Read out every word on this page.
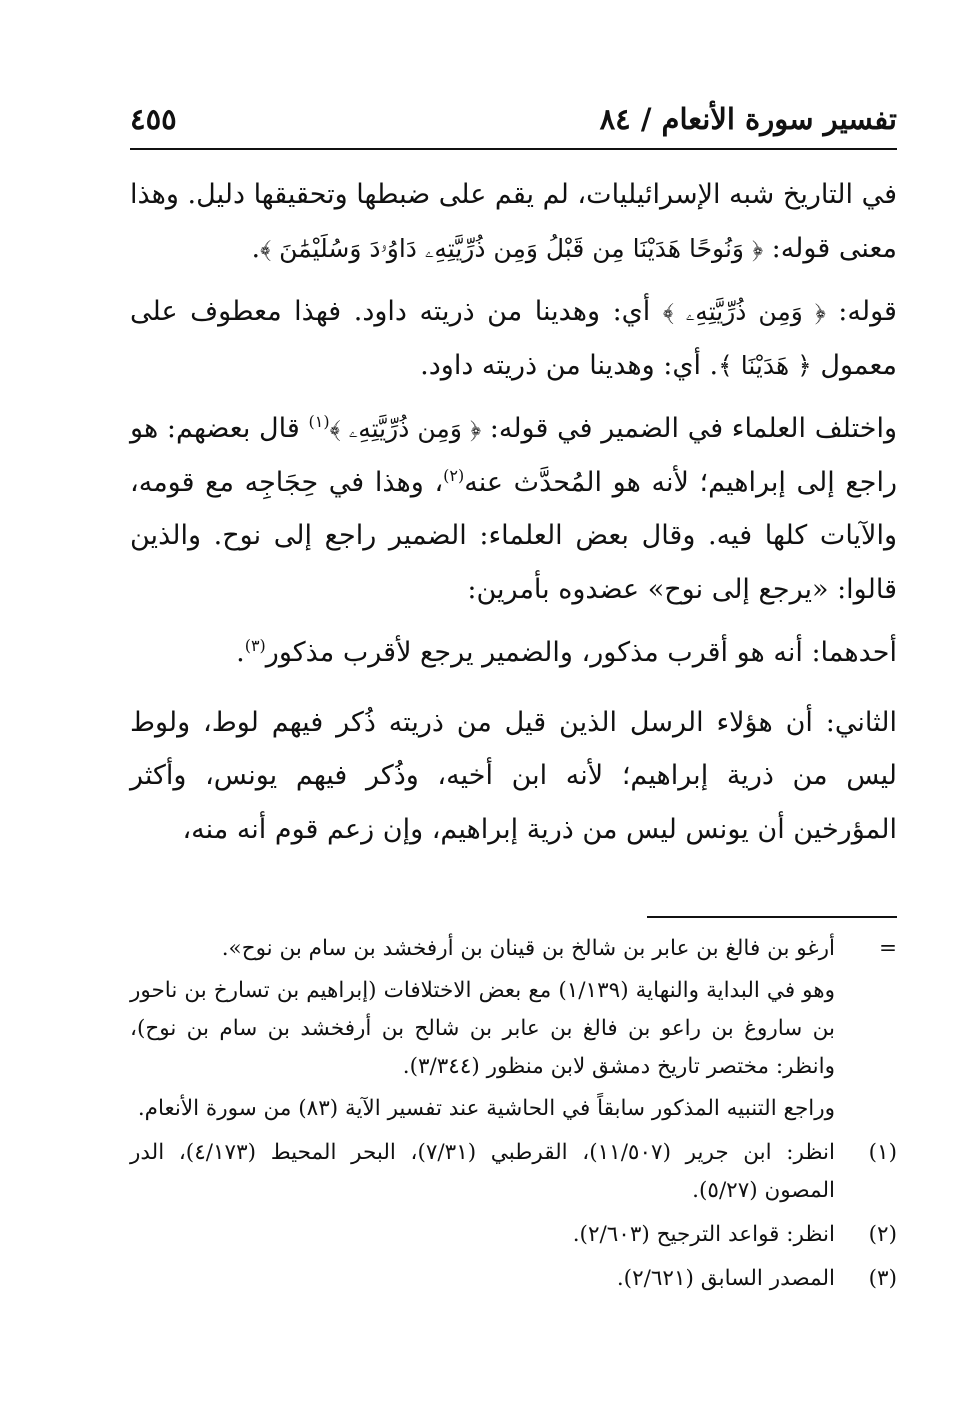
تفسير سورة الأنعام / ٨٤
٤٥٥

في التاريخ شبه الإسرائيليات، لم يقم على ضبطها وتحقيقها دليل. وهذا معنى قوله: ﴿ وَنُوحًا هَدَيْنَا مِن قَبْلُ وَمِن ذُرِّيَّتِهِۦ دَاوُۥدَ وَسُلَيْمَٰنَ ﴾.

قوله: ﴿ وَمِن ذُرِّيَّتِهِۦ ﴾ أي: وهدينا من ذريته داود. فهذا معطوف على معمول ﴿ هَدَيْنَا ﴾. أي: وهدينا من ذريته داود.

واختلف العلماء في الضمير في قوله: ﴿ وَمِن ذُرِّيَّتِهِۦ ﴾$^{(١)}$ قال بعضهم: هو راجع إلى إبراهيم؛ لأنه هو المُحدَّث عنه$^{(٢)}$، وهذا في حِجَاجِه مع قومه، والآيات كلها فيه. وقال بعض العلماء: الضمير راجع إلى نوح. والذين قالوا: «يرجع إلى نوح» عضدوه بأمرين:

أحدهما: أنه هو أقرب مذكور، والضمير يرجع لأقرب مذكور$^{(٣)}$.

الثاني: أن هؤلاء الرسل الذين قيل من ذريته ذُكر فيهم لوط، ولوط ليس من ذرية إبراهيم؛ لأنه ابن أخيه، وذُكر فيهم يونس، وأكثر المؤرخين أن يونس ليس من ذرية إبراهيم، وإن زعم قوم أنه منه،

=

أرغو بن فالغ بن عابر بن شالخ بن قينان بن أرفخشد بن سام بن نوح».

وهو في البداية والنهاية (١/١٣٩) مع بعض الاختلافات (إبراهيم بن تسارخ بن ناحور بن ساروغ بن راعو بن فالغ بن عابر بن شالح بن أرفخشد بن سام بن نوح)، وانظر: مختصر تاريخ دمشق لابن منظور (٣/٣٤٤).

وراجع التنبيه المذكور سابقاً في الحاشية عند تفسير الآية (٨٣) من سورة الأنعام.

(١)

انظر: ابن جرير (١١/٥٠٧)، القرطبي (٧/٣١)، البحر المحيط (٤/١٧٣)، الدر المصون (٥/٢٧).

(٢)

انظر: قواعد الترجيح (٢/٦٠٣).

(٣)

المصدر السابق (٢/٦٢١).
